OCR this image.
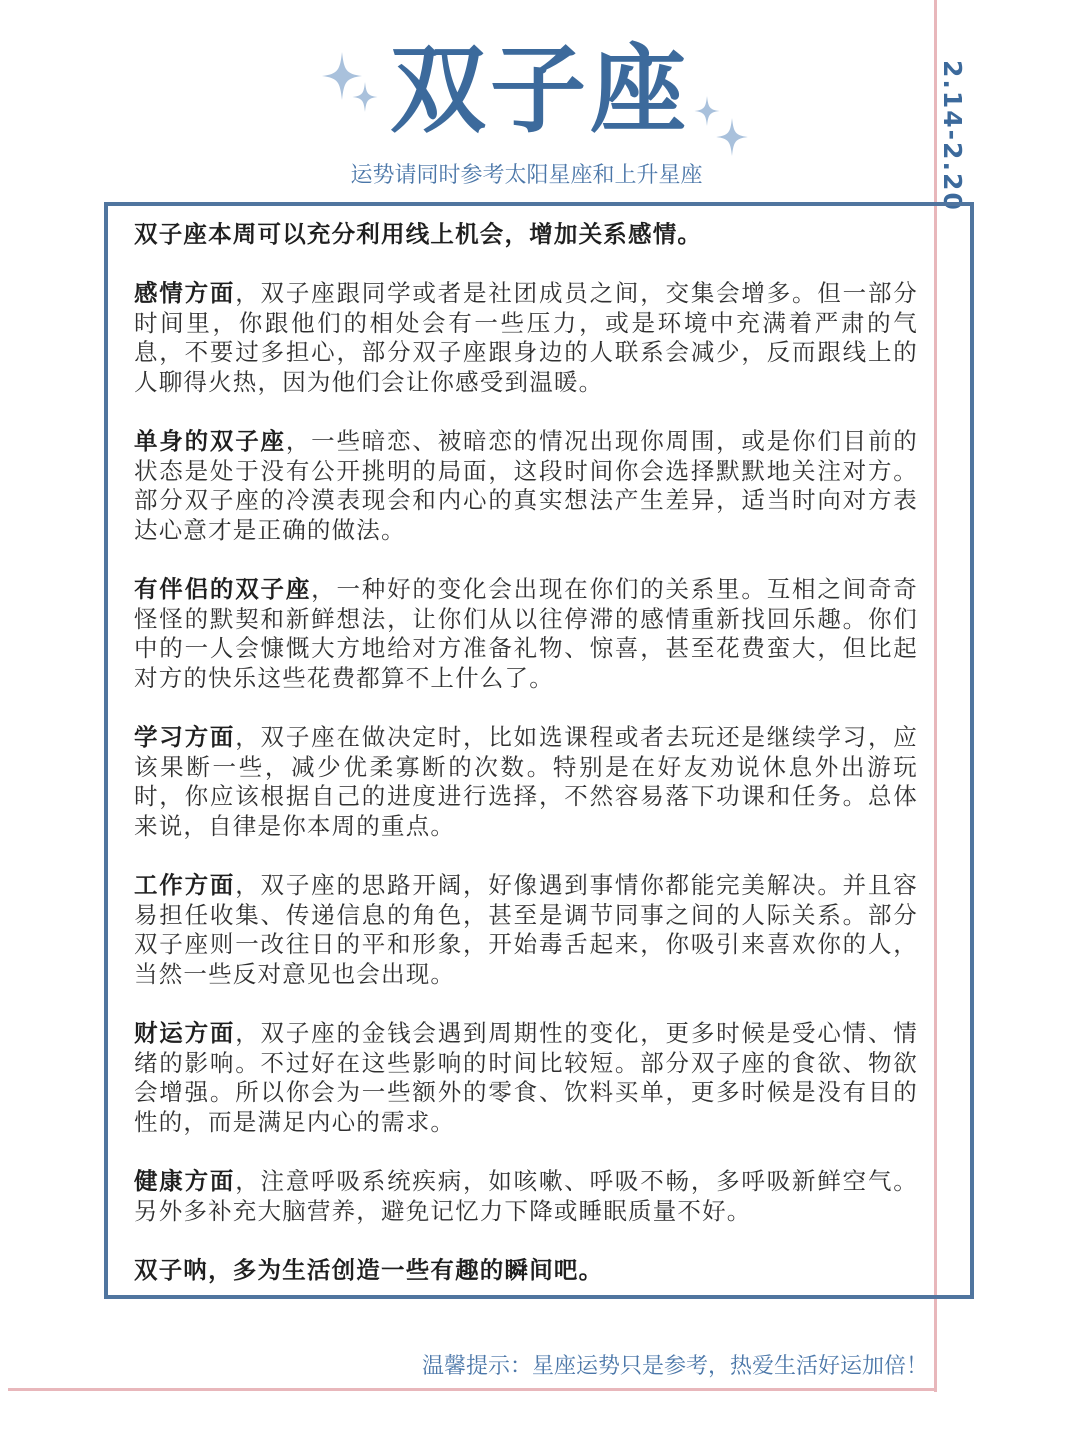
双子座
运势请同时参考太阳星座和上升星座	2.14-2.20

双子座本周可以充分利用线上机会，增加关系感情。

感情方面，双子座跟同学或者是社团成员之间，交集会增多。但一部分时间里，你跟他们的相处会有一些压力，或是环境中充满着严肃的气息，不要过多担心，部分双子座跟身边的人联系会减少，反而跟线上的人聊得火热，因为他们会让你感受到温暖。

单身的双子座，一些暗恋、被暗恋的情况出现你周围，或是你们目前的状态是处于没有公开挑明的局面，这段时间你会选择默默地关注对方。部分双子座的冷漠表现会和内心的真实想法产生差异，适当时向对方表达心意才是正确的做法。

有伴侣的双子座，一种好的变化会出现在你们的关系里。互相之间奇奇怪怪的默契和新鲜想法，让你们从以往停滞的感情重新找回乐趣。你们中的一人会慷慨大方地给对方准备礼物、惊喜，甚至花费蛮大，但比起对方的快乐这些花费都算不上什么了。

学习方面，双子座在做决定时，比如选课程或者去玩还是继续学习，应该果断一些，减少优柔寡断的次数。特别是在好友劝说休息外出游玩时，你应该根据自己的进度进行选择，不然容易落下功课和任务。总体来说，自律是你本周的重点。

工作方面，双子座的思路开阔，好像遇到事情你都能完美解决。并且容易担任收集、传递信息的角色，甚至是调节同事之间的人际关系。部分双子座则一改往日的平和形象，开始毒舌起来，你吸引来喜欢你的人，当然一些反对意见也会出现。

财运方面，双子座的金钱会遇到周期性的变化，更多时候是受心情、情绪的影响。不过好在这些影响的时间比较短。部分双子座的食欲、物欲会增强。所以你会为一些额外的零食、饮料买单，更多时候是没有目的性的，而是满足内心的需求。

健康方面，注意呼吸系统疾病，如咳嗽、呼吸不畅，多呼吸新鲜空气。另外多补充大脑营养，避免记忆力下降或睡眠质量不好。

双子呐，多为生活创造一些有趣的瞬间吧。

温馨提示：星座运势只是参考，热爱生活好运加倍！
